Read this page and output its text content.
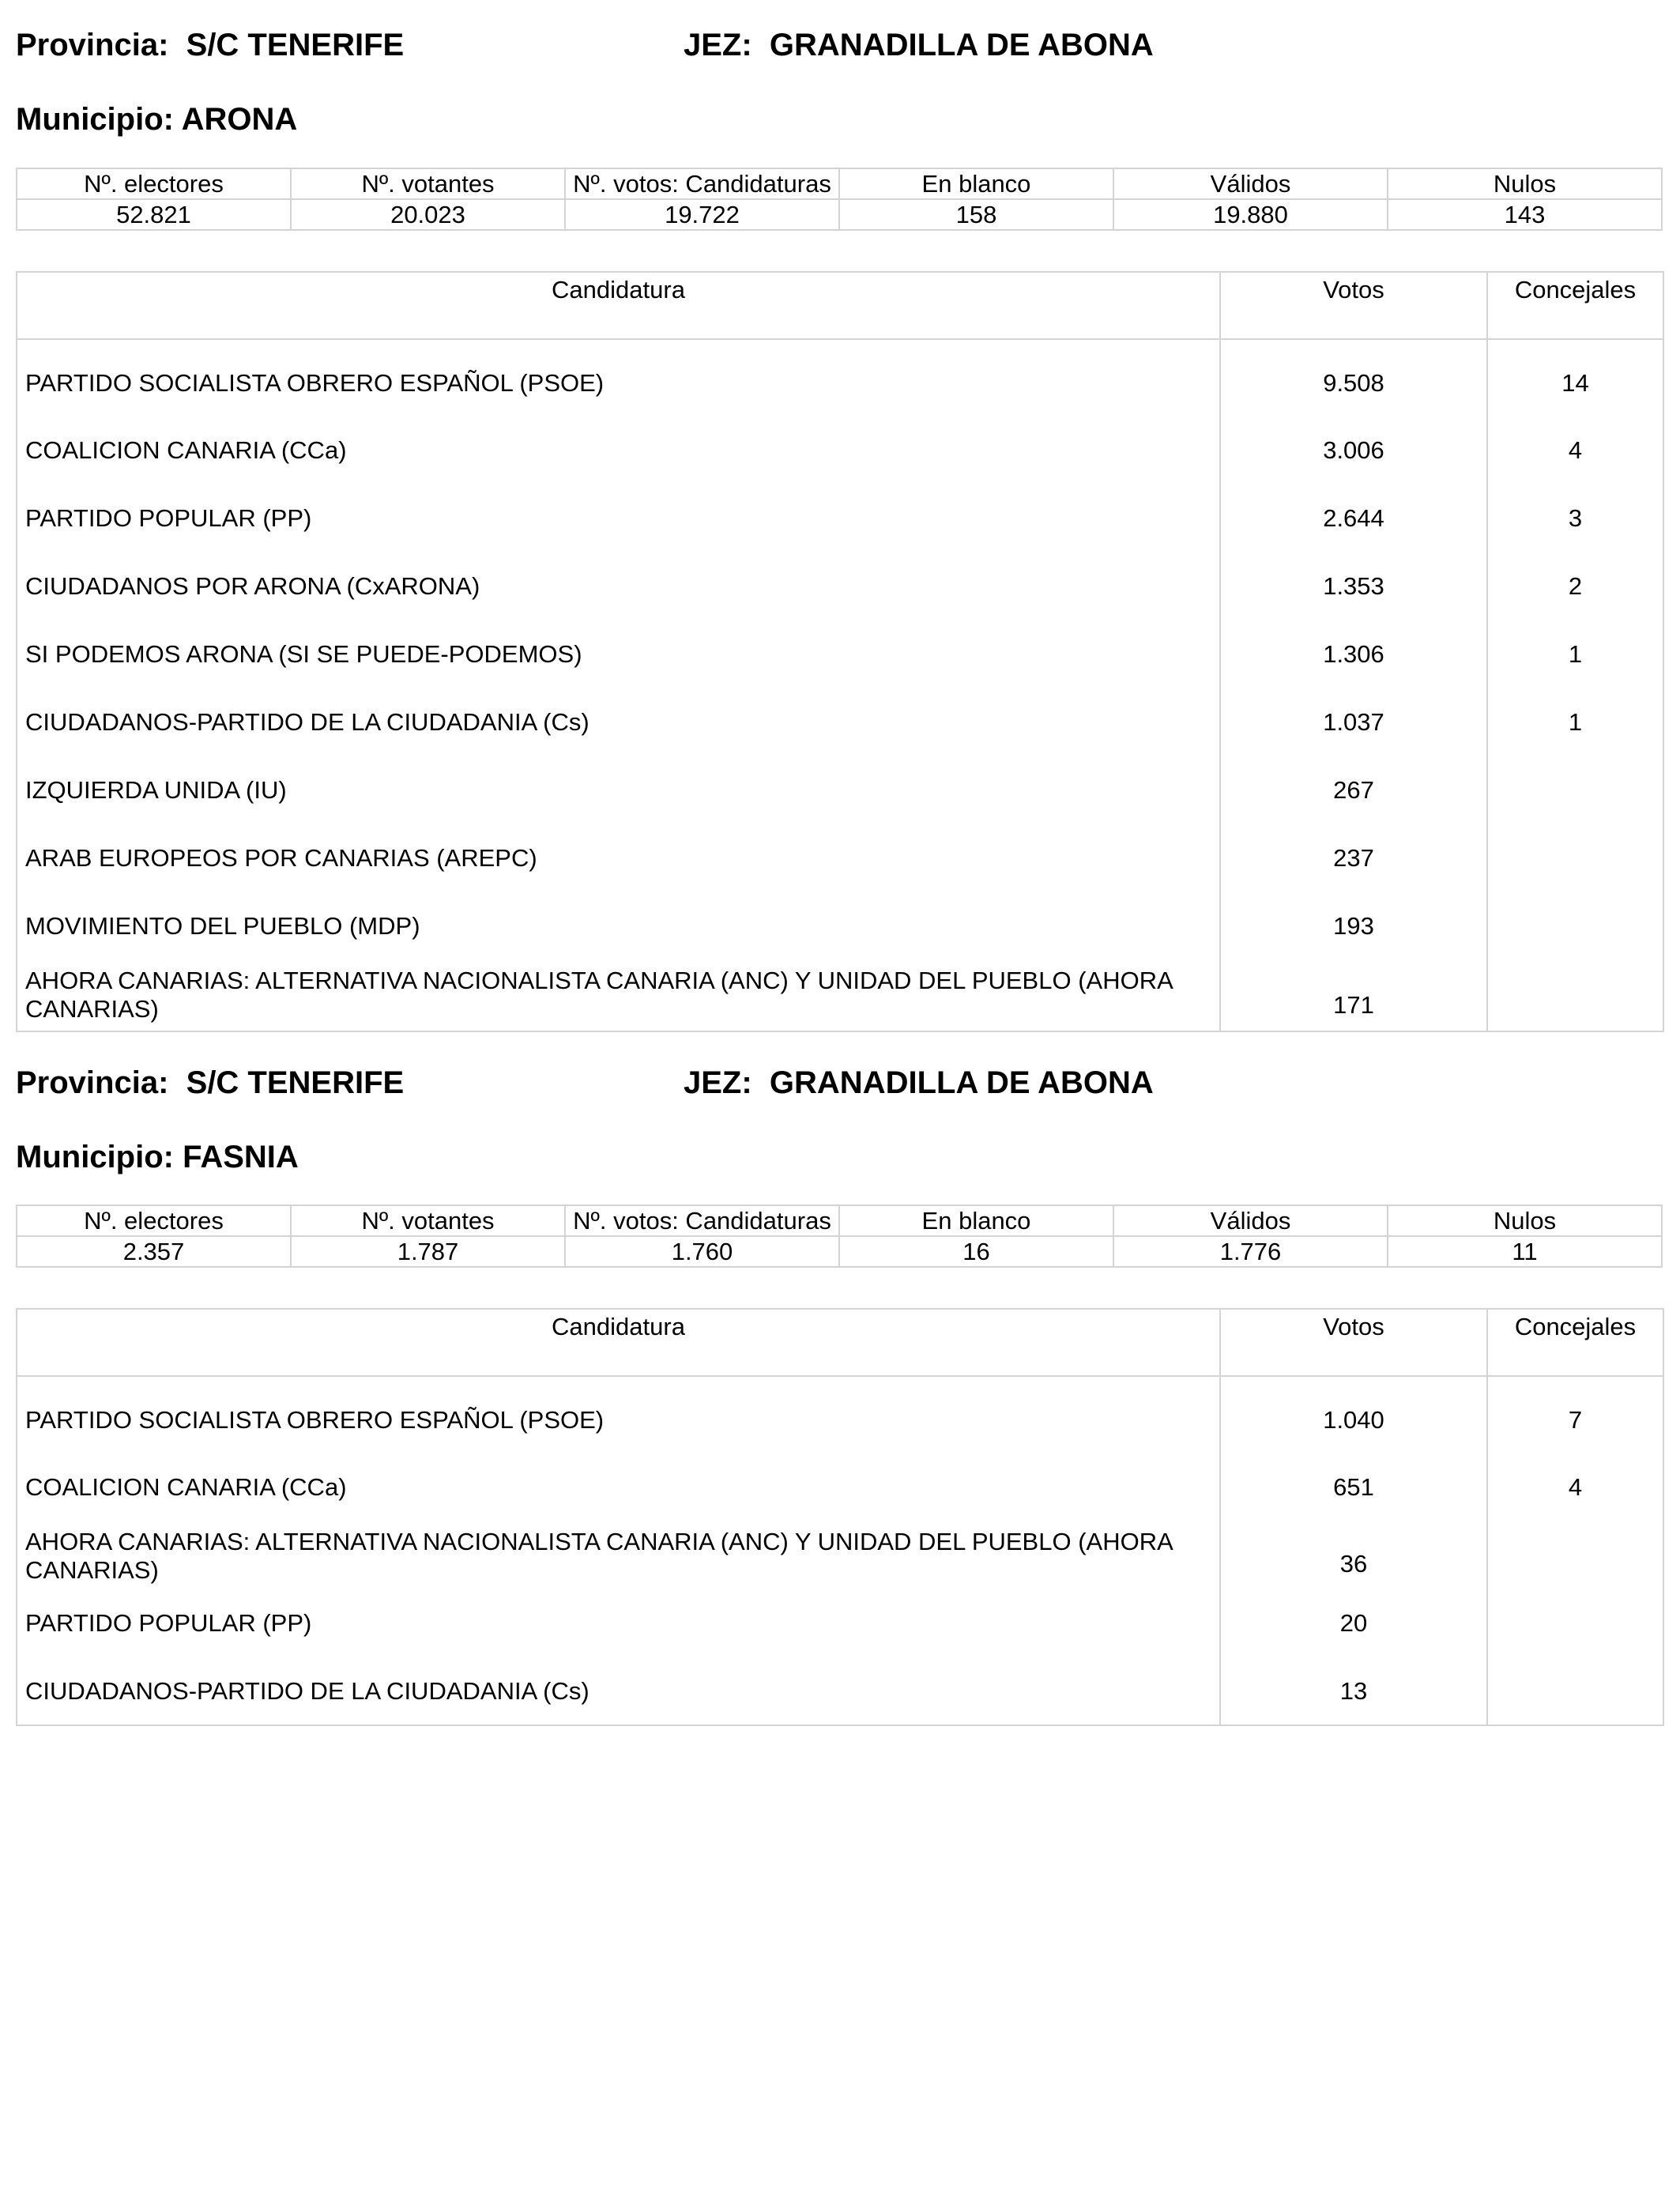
Provincia: S/C TENERIFE	JEZ: GRANADILLA DE ABONA
Municipio: ARONA
Nº. electores	Nº. votantes	Nº. votos: Candidaturas	En blanco	Válidos	Nulos
52.821	20.023	19.722	158	19.880	143
Candidatura	Votos	Concejales
PARTIDO SOCIALISTA OBRERO ESPAÑOL (PSOE)	9.508	14
COALICION CANARIA (CCa)	3.006	4
PARTIDO POPULAR (PP)	2.644	3
CIUDADANOS POR ARONA (CxARONA)	1.353	2
SI PODEMOS ARONA (SI SE PUEDE-PODEMOS)	1.306	1
CIUDADANOS-PARTIDO DE LA CIUDADANIA (Cs)	1.037	1
IZQUIERDA UNIDA (IU)	267	
ARAB EUROPEOS POR CANARIAS (AREPC)	237	
MOVIMIENTO DEL PUEBLO (MDP)	193	
AHORA CANARIAS: ALTERNATIVA NACIONALISTA CANARIA (ANC) Y UNIDAD DEL PUEBLO (AHORA CANARIAS)	171	
Provincia: S/C TENERIFE	JEZ: GRANADILLA DE ABONA
Municipio: FASNIA
Nº. electores	Nº. votantes	Nº. votos: Candidaturas	En blanco	Válidos	Nulos
2.357	1.787	1.760	16	1.776	11
Candidatura	Votos	Concejales
PARTIDO SOCIALISTA OBRERO ESPAÑOL (PSOE)	1.040	7
COALICION CANARIA (CCa)	651	4
AHORA CANARIAS: ALTERNATIVA NACIONALISTA CANARIA (ANC) Y UNIDAD DEL PUEBLO (AHORA CANARIAS)	36	
PARTIDO POPULAR (PP)	20	
CIUDADANOS-PARTIDO DE LA CIUDADANIA (Cs)	13	
